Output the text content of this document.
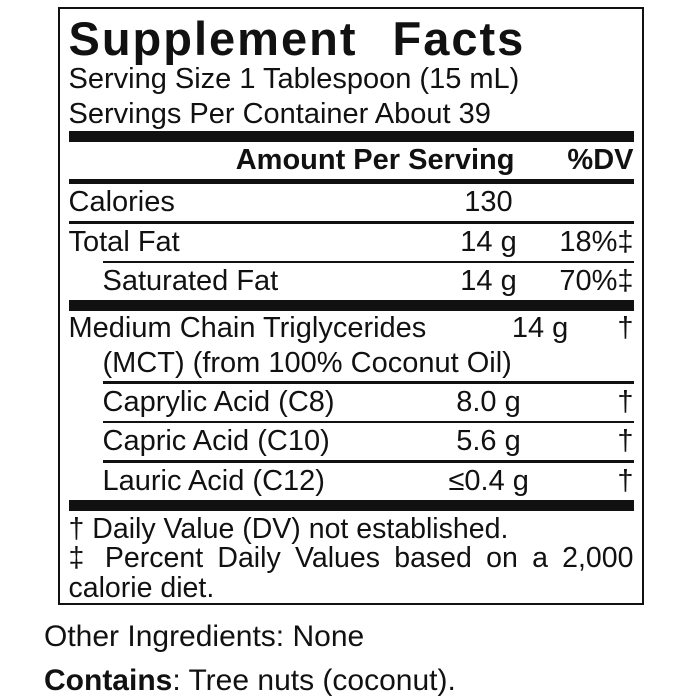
Supplement Facts
Serving Size 1 Tablespoon (15 mL)
Servings Per Container About 39
Amount Per Serving	%DV
Calories	130
Total Fat	14 g	18%‡
Saturated Fat	14 g	70%‡
Medium Chain Triglycerides
(MCT) (from 100% Coconut Oil)
14 g	†
Caprylic Acid (C8)	8.0 g	†
Capric Acid (C10)	5.6 g	†
Lauric Acid (C12)	≤0.4 g	†
† Daily Value (DV) not established.
‡ Percent Daily Values based on a 2,000
calorie diet.
Other Ingredients: None
Contains: Tree nuts (coconut).
